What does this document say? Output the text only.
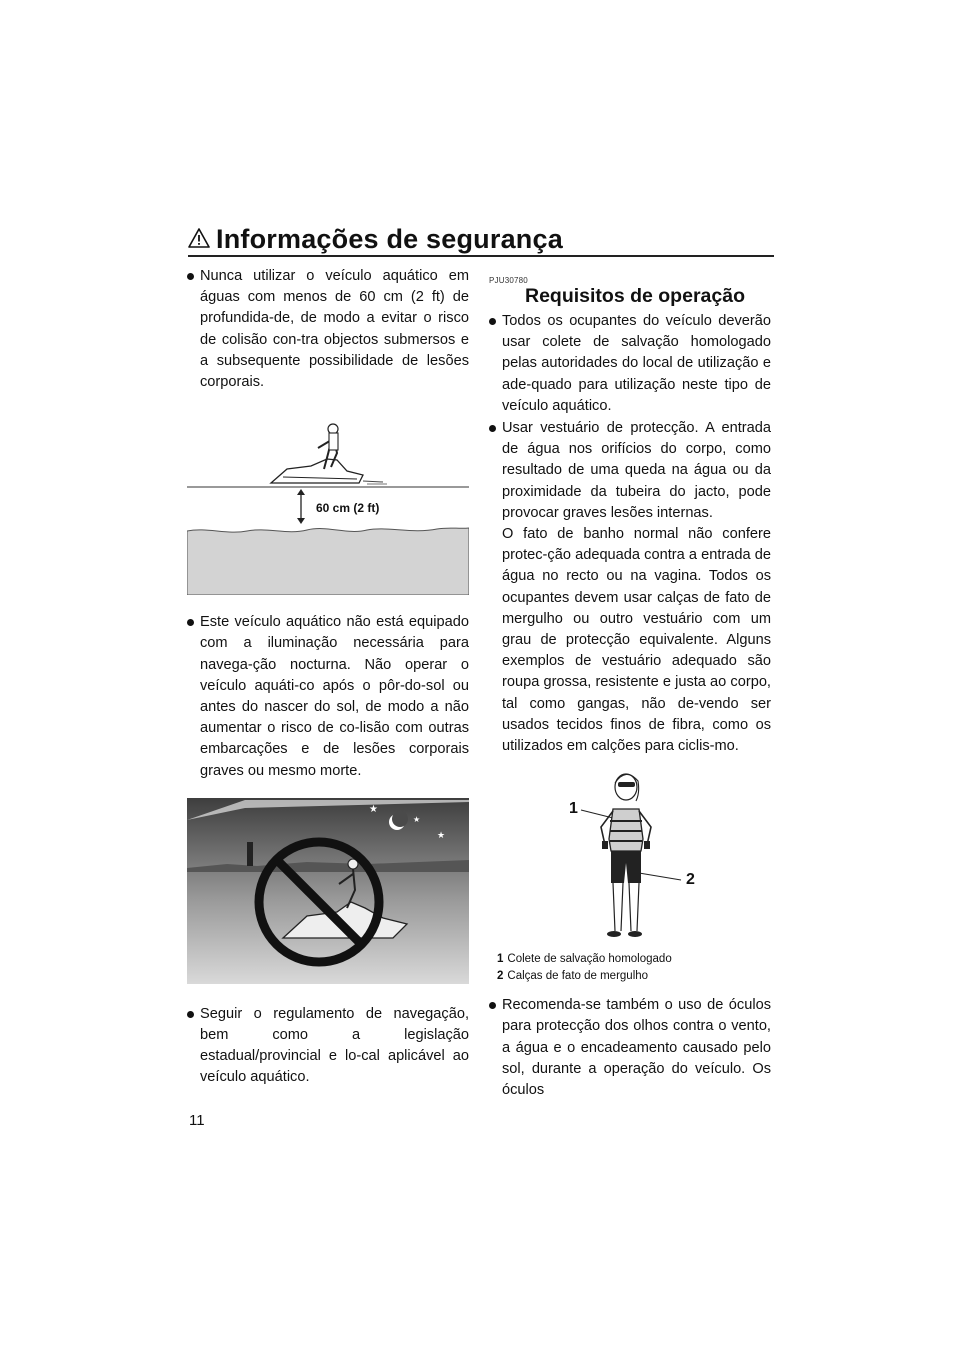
Informações de segurança
Nunca utilizar o veículo aquático em águas com menos de 60 cm (2 ft) de profundida-de, de modo a evitar o risco de colisão con-tra objectos submersos e a subsequente possibilidade de lesões corporais.
60 cm (2 ft)
Este veículo aquático não está equipado com a iluminação necessária para navega-ção nocturna. Não operar o veículo aquáti-co após o pôr-do-sol ou antes do nascer do sol, de modo a não aumentar o risco de co-lisão com outras embarcações e de lesões corporais graves ou mesmo morte.
★
★
★
Seguir o regulamento de navegação, bem como a legislação estadual/provincial e lo-cal aplicável ao veículo aquático.
PJU30780
Requisitos de operação
Todos os ocupantes do veículo deverão usar colete de salvação homologado pelas autoridades do local de utilização e ade-quado para utilização neste tipo de veículo aquático.
Usar vestuário de protecção. A entrada de água nos orifícios do corpo, como resultado de uma queda na água ou da proximidade da tubeira do jacto, pode provocar graves lesões internas.
O fato de banho normal não confere protec-ção adequada contra a entrada de água no recto ou na vagina. Todos os ocupantes devem usar calças de fato de mergulho ou outro vestuário com um grau de protecção equivalente. Alguns exemplos de vestuário adequado são roupa grossa, resistente e justa ao corpo, tal como gangas, não de-vendo ser usados tecidos finos de fibra, como os utilizados em calções para ciclis-mo.
1
2
1 Colete de salvação homologado
2 Calças de fato de mergulho
Recomenda-se também o uso de óculos para protecção dos olhos contra o vento, a água e o encadeamento causado pelo sol, durante a operação do veículo. Os óculos
11
